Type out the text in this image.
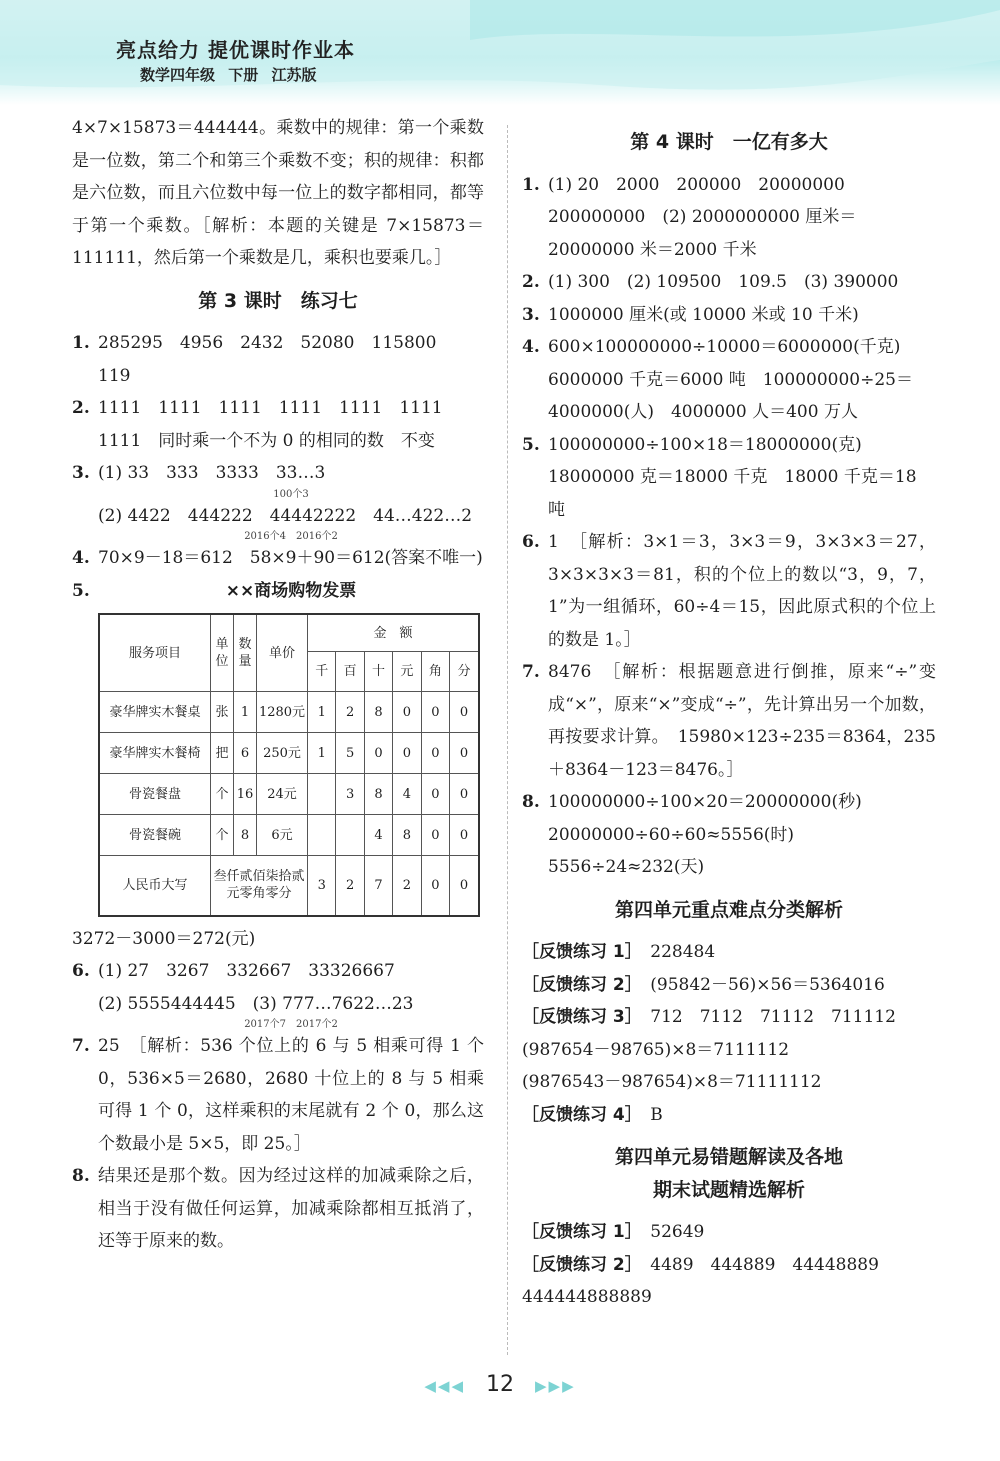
亮点给力 提优课时作业本
数学四年级 下册 江苏版
4×7×15873＝444444。乘数中的规律：第一个乘数是一位数，第二个和第三个乘数不变；积的规律：积都是六位数，而且六位数中每一位上的数字都相同，都等于第一个乘数。［解析：本题的关键是 7×15873＝111111，然后第一个乘数是几，乘积也要乘几。］
第 3 课时　练习七
1. 285295　4956　2432　52080　115800　119
2. 1111　1111　1111　1111　1111　1111　1111　同时乘一个不为 0 的相同的数　不变
3. (1) 33　333　3333　33…3
100个3
(2) 4422　444222　44442222　44…422…2
2016个4　2016个2
4. 70×9－18＝612　58×9＋90＝612(答案不唯一)
5.	××商场购物发票
服务项目	单位	数量	单价	金　额					
				千	百	十	元	角	分
豪华牌实木餐桌	张	1	1280元	1	2	8	0	0	0
豪华牌实木餐椅	把	6	250元	1	5	0	0	0	0
骨瓷餐盘	个	16	24元		3	8	4	0	0
骨瓷餐碗	个	8	6元			4	8	0	0
人民币大写	叁仟贰佰柒拾贰元零角零分			3	2	7	2	0	0
3272－3000＝272(元)
6. (1) 27　3267　332667　33326667
(2) 5555444445　(3) 777…7622…23
2017个7　2017个2
7. 25　［解析：536 个位上的 6 与 5 相乘可得 1 个 0，536×5＝2680，2680 十位上的 8 与 5 相乘可得 1 个 0，这样乘积的末尾就有 2 个 0，那么这个数最小是 5×5，即 25。］
8. 结果还是那个数。因为经过这样的加减乘除之后，相当于没有做任何运算，加减乘除都相互抵消了，还等于原来的数。
第 4 课时　一亿有多大
1. (1) 20　2000　200000　20000000　200000000　(2) 2000000000 厘米＝20000000 米＝2000 千米
2. (1) 300　(2) 109500　109.5　(3) 390000
3. 1000000 厘米(或 10000 米或 10 千米)
4. 600×100000000÷10000＝6000000(千克)　6000000 千克＝6000 吨　100000000÷25＝4000000(人)　4000000 人＝400 万人
5. 100000000÷100×18＝18000000(克)　18000000 克＝18000 千克　18000 千克＝18 吨
6. 1　［解析：3×1＝3，3×3＝9，3×3×3＝27，3×3×3×3＝81，积的个位上的数以“3，9，7，1”为一组循环，60÷4＝15，因此原式积的个位上的数是 1。］
7. 8476　［解析：根据题意进行倒推，原来“÷”变成“×”，原来“×”变成“÷”，先计算出另一个加数，再按要求计算。　15980×123÷235＝8364，235＋8364－123＝8476。］
8. 100000000÷100×20＝20000000(秒)
20000000÷60÷60≈5556(时)
5556÷24≈232(天)
第四单元重点难点分类解析
［反馈练习 1］　 228484
［反馈练习 2］　 (95842－56)×56＝5364016
［反馈练习 3］　 712　7112　71112　711112
(987654－98765)×8＝7111112
(9876543－987654)×8＝71111112
［反馈练习 4］　 B
第四单元易错题解读及各地
期末试题精选解析
［反馈练习 1］　 52649
［反馈练习 2］　 4489　444889　44448889
444444888889
◀◀◀ 12 ▶▶▶
